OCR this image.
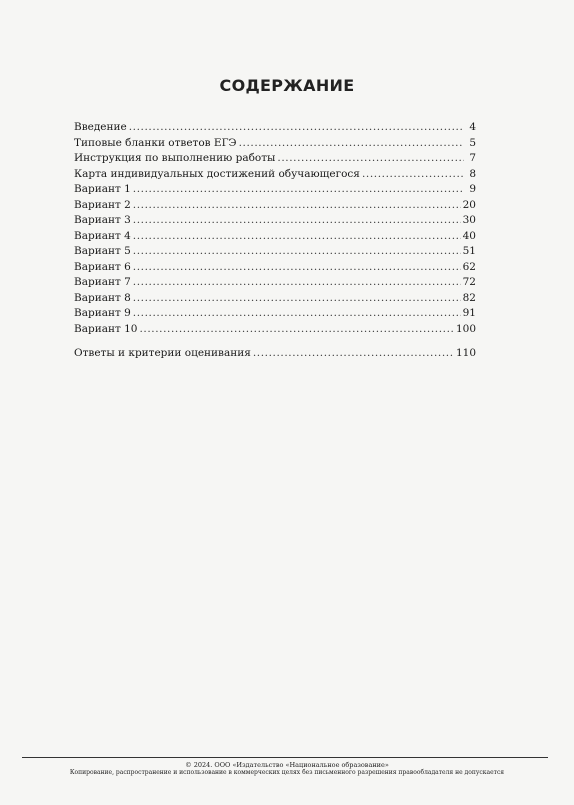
СОДЕРЖАНИЕ
Введение .....	4
Типовые бланки ответов ЕГЭ .....	5
Инструкция по выполнению работы .....	7
Карта индивидуальных достижений обучающегося .....	8
Вариант 1 .....	9
Вариант 2 .....	20
Вариант 3 .....	30
Вариант 4 .....	40
Вариант 5 .....	51
Вариант 6 .....	62
Вариант 7 .....	72
Вариант 8 .....	82
Вариант 9 .....	91
Вариант 10 .....	100
Ответы и критерии оценивания .....	110
© 2024. ООО «Издательство «Национальное образование»
Копирование, распространение и использование в коммерческих целях без письменного разрешения правообладателя не допускается
